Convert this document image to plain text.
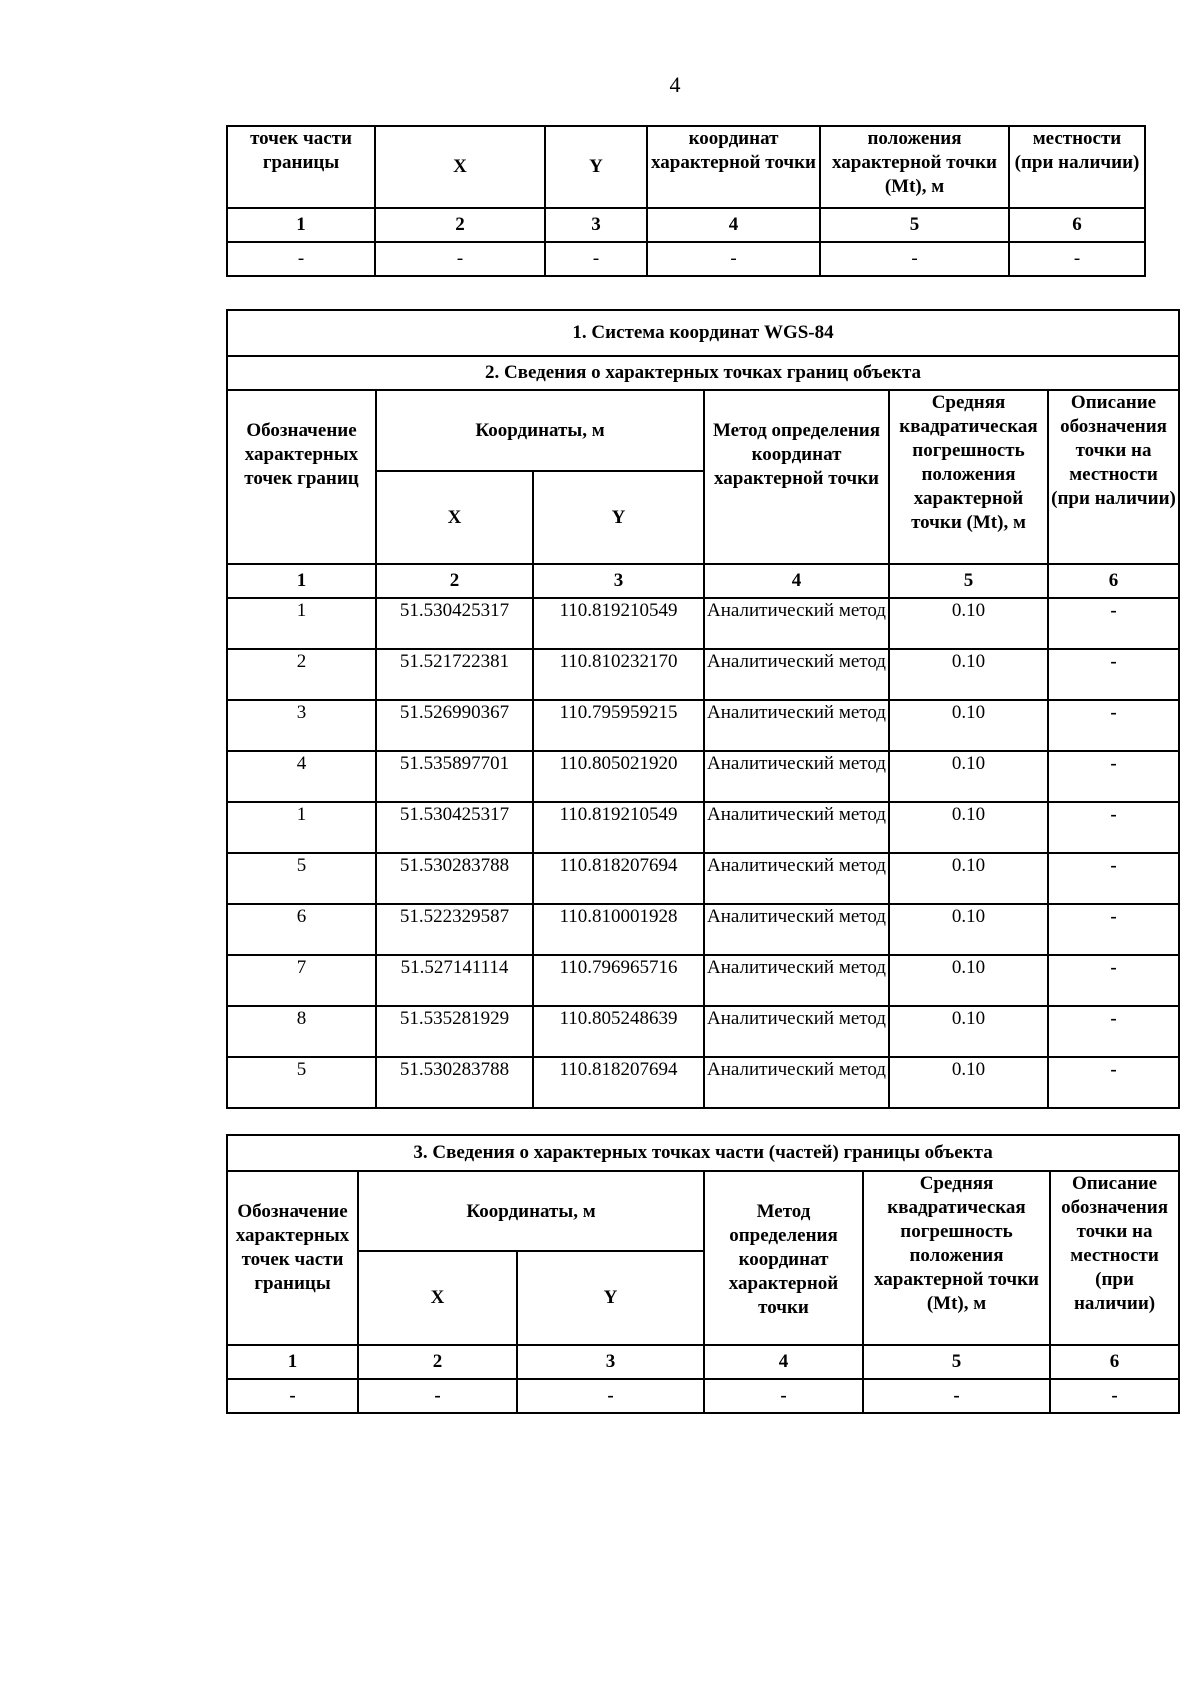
4
точек части границы	X	Y	координат характерной точки	положения характерной точки (Mt), м	местности (при наличии)
1	2	3	4	5	6
-	-	-	-	-	-
1. Система координат WGS-84					
2. Сведения о характерных точках границ объекта					
Обозначение характерных точек границ	Координаты, м		Метод определения координат характерной точки	Средняя квадратическая погрешность положения характерной точки (Mt), м	Описание обозначения точки на местности (при наличии)
	X	Y			
1	2	3	4	5	6
1	51.530425317	110.819210549	Аналитический метод	0.10	-
2	51.521722381	110.810232170	Аналитический метод	0.10	-
3	51.526990367	110.795959215	Аналитический метод	0.10	-
4	51.535897701	110.805021920	Аналитический метод	0.10	-
1	51.530425317	110.819210549	Аналитический метод	0.10	-
5	51.530283788	110.818207694	Аналитический метод	0.10	-
6	51.522329587	110.810001928	Аналитический метод	0.10	-
7	51.527141114	110.796965716	Аналитический метод	0.10	-
8	51.535281929	110.805248639	Аналитический метод	0.10	-
5	51.530283788	110.818207694	Аналитический метод	0.10	-
3. Сведения о характерных точках части (частей) границы объекта					
Обозначение характерных точек части границы	Координаты, м		Метод определения координат характерной точки	Средняя квадратическая погрешность положения характерной точки (Mt), м	Описание обозначения точки на местности (при наличии)
	X	Y			
1	2	3	4	5	6
-	-	-	-	-	-
